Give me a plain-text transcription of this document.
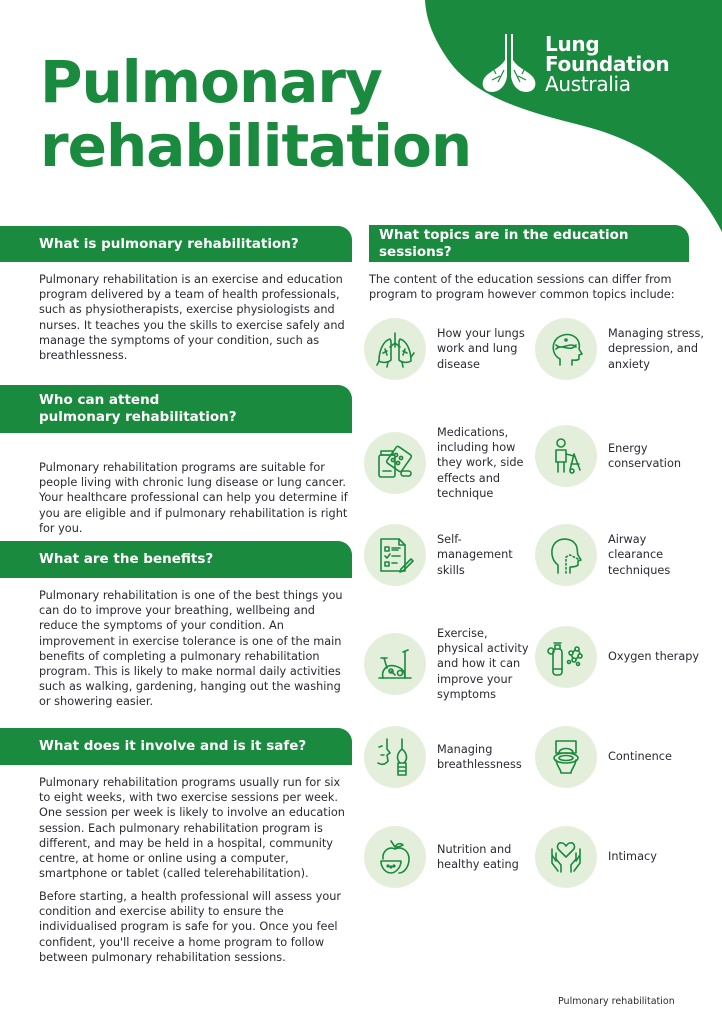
Lung
Foundation
Australia
Pulmonary
rehabilitation
What is pulmonary rehabilitation?

Pulmonary rehabilitation is an exercise and education program delivered by a team of health professionals, such as physiotherapists, exercise physiologists and nurses. It teaches you the skills to exercise safely and manage the symptoms of your condition, such as breathlessness.

Who can attend
pulmonary rehabilitation?

Pulmonary rehabilitation programs are suitable for people living with chronic lung disease or lung cancer. Your healthcare professional can help you determine if you are eligible and if pulmonary rehabilitation is right for you.

What are the benefits?

Pulmonary rehabilitation is one of the best things you can do to improve your breathing, wellbeing and reduce the symptoms of your condition. An improvement in exercise tolerance is one of the main benefits of completing a pulmonary rehabilitation program. This is likely to make normal daily activities such as walking, gardening, hanging out the washing or showering easier.

What does it involve and is it safe?

Pulmonary rehabilitation programs usually run for six to eight weeks, with two exercise sessions per week. One session per week is likely to involve an education session. Each pulmonary rehabilitation program is different, and may be held in a hospital, community centre, at home or online using a computer, smartphone or tablet (called telerehabilitation).

Before starting, a health professional will assess your condition and exercise ability to ensure the individualised program is safe for you. Once you feel confident, you'll receive a home program to follow between pulmonary rehabilitation sessions.

What topics are in the education sessions?

The content of the education sessions can differ from program to program however common topics include:

How your lungs work and lung disease
Managing stress, depression, and anxiety
Medications, including how they work, side effects and technique
Energy conservation
Self-management skills
Airway clearance techniques
Exercise, physical activity and how it can improve your symptoms
Oxygen therapy
Managing breathlessness
Continence
Nutrition and healthy eating
Intimacy
Pulmonary rehabilitation
